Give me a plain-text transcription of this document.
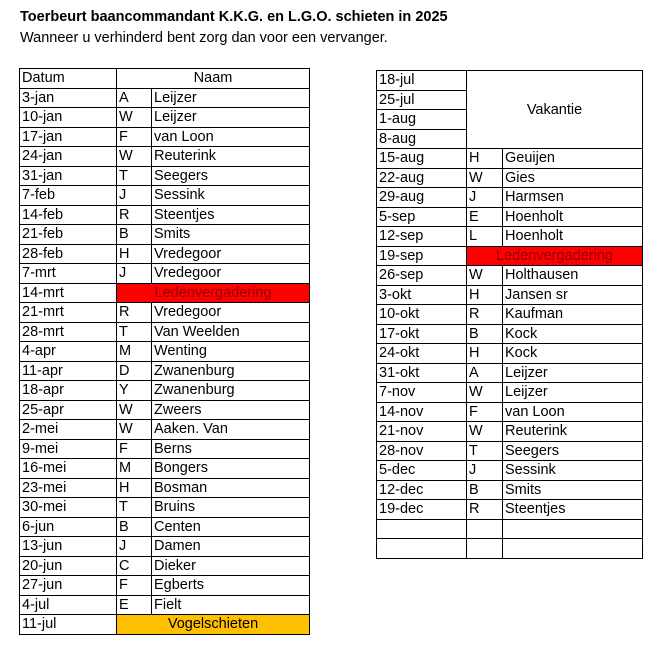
Toerbeurt baancommandant K.K.G. en L.G.O. schieten in 2025
Wanneer u verhinderd bent zorg dan voor een vervanger.
Datum	Naam	
3-jan	A	Leijzer
10-jan	W	Leijzer
17-jan	F	van Loon
24-jan	W	Reuterink
31-jan	T	Seegers
7-feb	J	Sessink
14-feb	R	Steentjes
21-feb	B	Smits
28-feb	H	Vredegoor
7-mrt	J	Vredegoor
14-mrt	Ledenvergadering	
21-mrt	R	Vredegoor
28-mrt	T	Van Weelden
4-apr	M	Wenting
11-apr	D	Zwanenburg
18-apr	Y	Zwanenburg
25-apr	W	Zweers
2-mei	W	Aaken. Van
9-mei	F	Berns
16-mei	M	Bongers
23-mei	H	Bosman
30-mei	T	Bruins
6-jun	B	Centen
13-jun	J	Damen
20-jun	C	Dieker
27-jun	F	Egberts
4-jul	E	Fielt
11-jul	Vogelschieten	
18-jul	Vakantie	
25-jul		
1-aug		
8-aug		
15-aug	H	Geuijen
22-aug	W	Gies
29-aug	J	Harmsen
5-sep	E	Hoenholt
12-sep	L	Hoenholt
19-sep	Ledenvergadering	
26-sep	W	Holthausen
3-okt	H	Jansen sr
10-okt	R	Kaufman
17-okt	B	Kock
24-okt	H	Kock
31-okt	A	Leijzer
7-nov	W	Leijzer
14-nov	F	van Loon
21-nov	W	Reuterink
28-nov	T	Seegers
5-dec	J	Sessink
12-dec	B	Smits
19-dec	R	Steentjes
